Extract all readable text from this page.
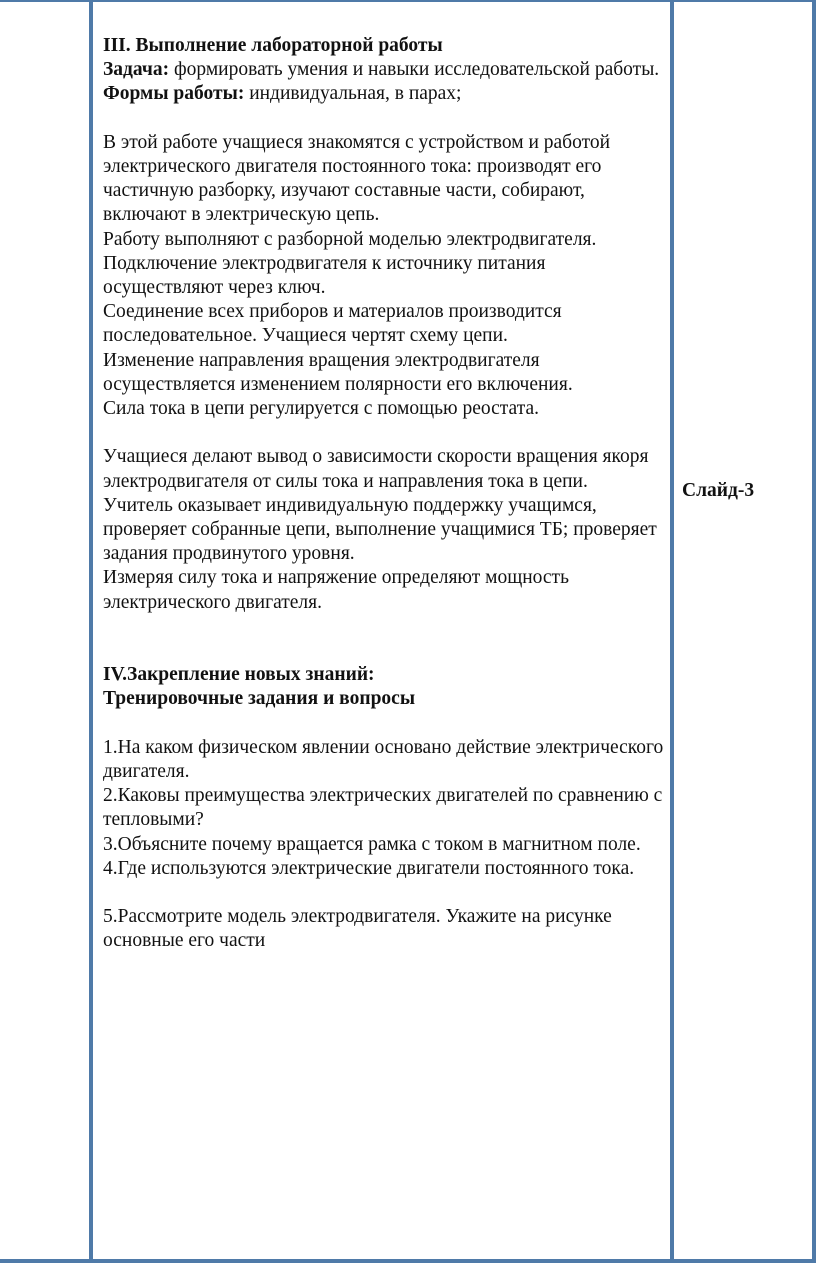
III. Выполнение лабораторной работы

Задача: формировать умения и навыки исследовательской работы.

Формы работы: индивидуальная, в парах;

В этой работе учащиеся знакомятся с устройством и работой электрического двигателя постоянного тока: производят его частичную разборку, изучают составные части, собирают, включают в электрическую цепь.

Работу выполняют с разборной моделью электродвигателя.

Подключение электродвигателя к источнику питания осуществляют через ключ.

Соединение всех приборов и материалов производится последовательное. Учащиеся чертят схему цепи.

Изменение направления вращения электродвигателя осуществляется изменением полярности его включения.

Сила тока в цепи регулируется с помощью реостата.

Учащиеся делают вывод о зависимости скорости вращения якоря электродвигателя от силы тока и направления тока в цепи.

Учитель оказывает индивидуальную поддержку учащимся, проверяет собранные цепи, выполнение учащимися ТБ; проверяет задания продвинутого уровня.

Измеряя силу тока и напряжение определяют мощность электрического двигателя.

IV.Закрепление новых знаний:

Тренировочные задания и вопросы

1.На каком физическом явлении основано действие электрического двигателя.

2.Каковы преимущества электрических двигателей по сравнению с тепловыми?

3.Объясните почему вращается рамка с током в магнитном поле.

4.Где используются электрические двигатели постоянного тока.

5.Рассмотрите модель электродвигателя. Укажите на рисунке основные его части

Слайд-3
